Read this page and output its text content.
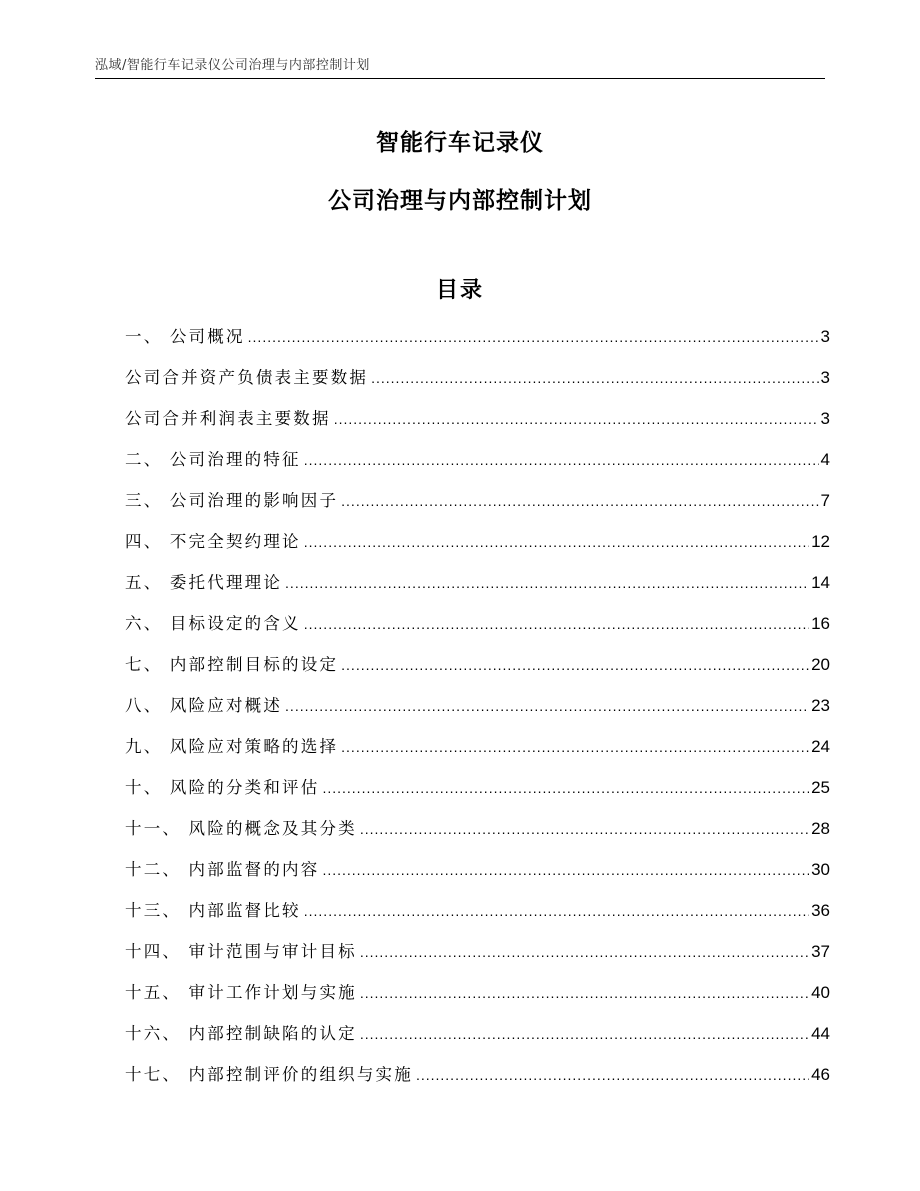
泓域/智能行车记录仪公司治理与内部控制计划
智能行车记录仪
公司治理与内部控制计划
目录
一、 公司概况 .....	3
公司合并资产负债表主要数据 .....	3
公司合并利润表主要数据 .....	3
二、 公司治理的特征 .....	4
三、 公司治理的影响因子 .....	7
四、 不完全契约理论 .....	12
五、 委托代理理论 .....	14
六、 目标设定的含义 .....	16
七、 内部控制目标的设定 .....	20
八、 风险应对概述 .....	23
九、 风险应对策略的选择 .....	24
十、 风险的分类和评估 .....	25
十一、 风险的概念及其分类 .....	28
十二、 内部监督的内容 .....	30
十三、 内部监督比较 .....	36
十四、 审计范围与审计目标 .....	37
十五、 审计工作计划与实施 .....	40
十六、 内部控制缺陷的认定 .....	44
十七、 内部控制评价的组织与实施 .....	46
